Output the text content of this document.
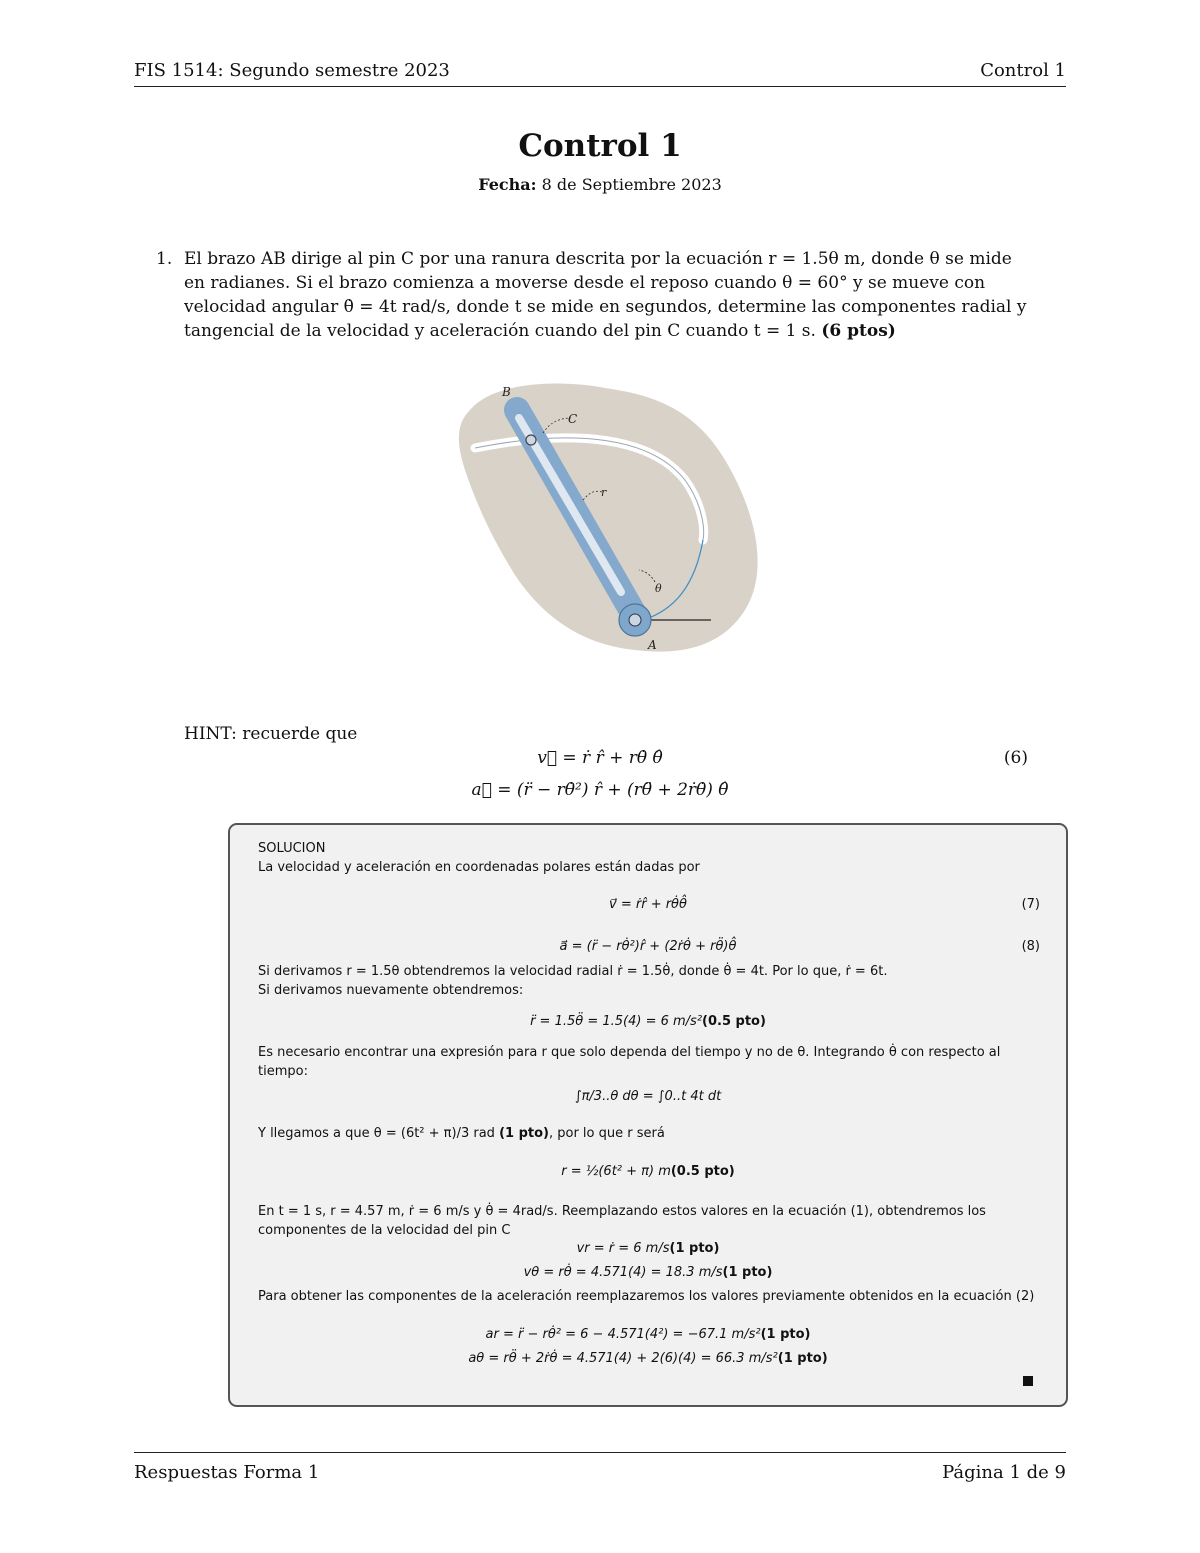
FIS 1514: Segundo semestre 2023	Control 1
Control 1
Fecha: 8 de Septiembre 2023
1. El brazo AB dirige al pin C por una ranura descrita por la ecuación r = 1.5θ m, donde θ se mide en radianes. Si el brazo comienza a moverse desde el reposo cuando θ = 60° y se mueve con velocidad angular θ̇ = 4t rad/s, donde t se mide en segundos, determine las componentes radial y tangencial de la velocidad y aceleración cuando del pin C cuando t = 1 s. (6 ptos)
B
C
r
θ
A
HINT: recuerde que
v⃗ = ṙ r̂ + rθ̇ θ̂	(6)
a⃗ = (r̈ − rθ̇²) r̂ + (rθ̈ + 2ṙθ̇) θ̂
SOLUCION
La velocidad y aceleración en coordenadas polares están dadas por
v⃗ = ṙr̂ + rθ̇θ̂	(7)
a⃗ = (r̈ − rθ̇²)r̂ + (2ṙθ̇ + rθ̈)θ̂	(8)
Si derivamos r = 1.5θ obtendremos la velocidad radial ṙ = 1.5θ̇, donde θ̇ = 4t. Por lo que, ṙ = 6t.
Si derivamos nuevamente obtendremos:
r̈ = 1.5θ̈ = 1.5(4) = 6 m/s²(0.5 pto)
Es necesario encontrar una expresión para r que solo dependa del tiempo y no de θ. Integrando θ̇ con respecto al tiempo:
∫π/3..θ dθ = ∫0..t 4t dt
Y llegamos a que θ = (6t² + π)/3 rad (1 pto), por lo que r será
r = ½(6t² + π) m(0.5 pto)
En t = 1 s, r = 4.57 m, ṙ = 6 m/s y θ̇ = 4rad/s. Reemplazando estos valores en la ecuación (1), obtendremos los componentes de la velocidad del pin C
vr = ṙ = 6 m/s(1 pto)
vθ = rθ̇ = 4.571(4) = 18.3 m/s(1 pto)
Para obtener las componentes de la aceleración reemplazaremos los valores previamente obtenidos en la ecuación (2)
ar = r̈ − rθ̇² = 6 − 4.571(4²) = −67.1 m/s²(1 pto)
aθ = rθ̈ + 2ṙθ̇ = 4.571(4) + 2(6)(4) = 66.3 m/s²(1 pto)
Respuestas Forma 1	Página 1 de 9
